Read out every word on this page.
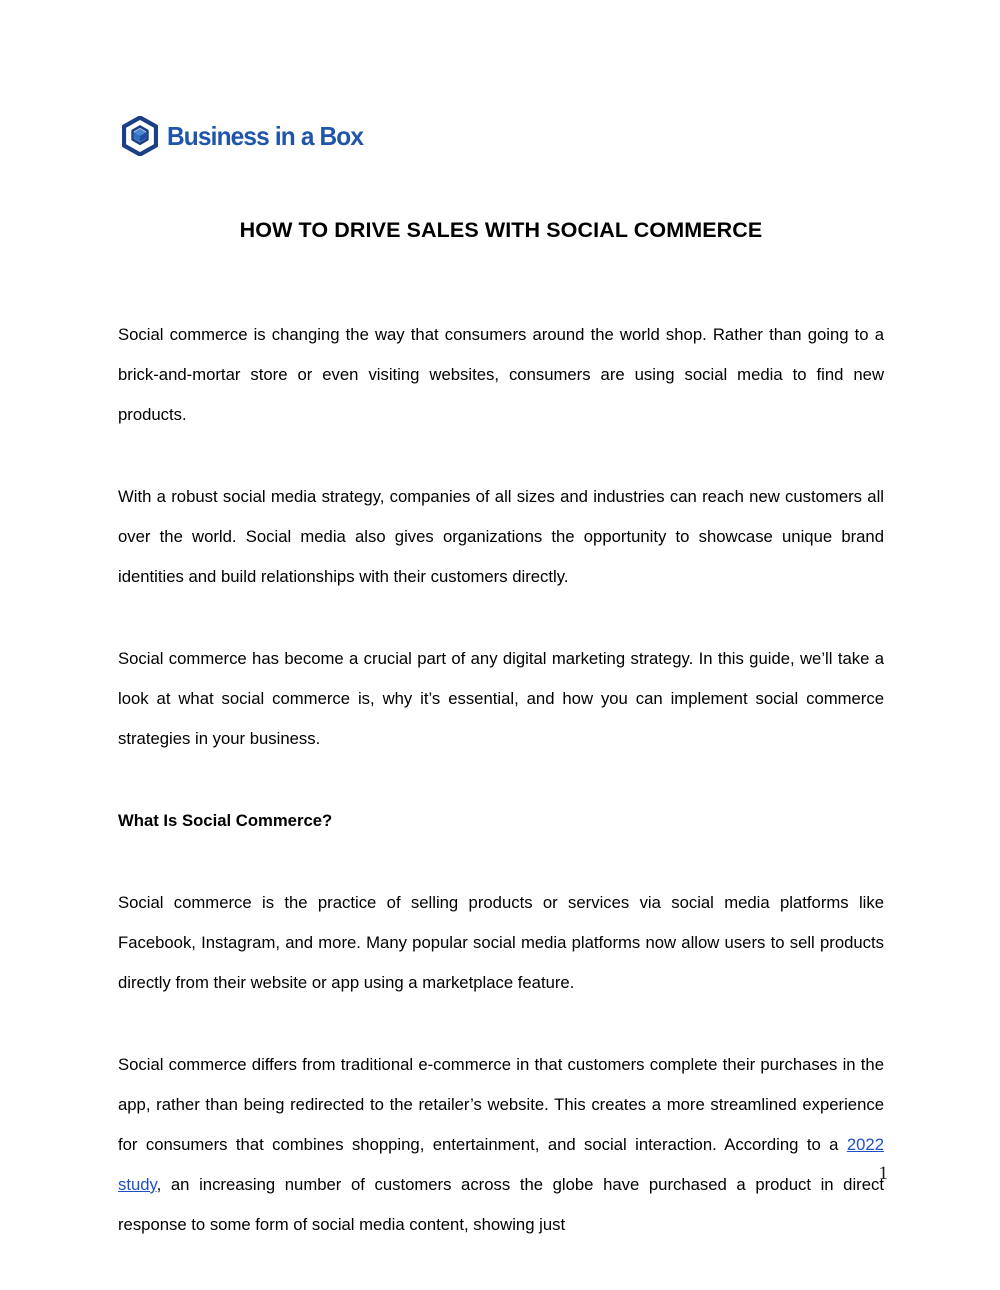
Business in a Box
HOW TO DRIVE SALES WITH SOCIAL COMMERCE

Social commerce is changing the way that consumers around the world shop. Rather than going to a brick-and-mortar store or even visiting websites, consumers are using social media to find new products.

With a robust social media strategy, companies of all sizes and industries can reach new customers all over the world. Social media also gives organizations the opportunity to showcase unique brand identities and build relationships with their customers directly.

Social commerce has become a crucial part of any digital marketing strategy. In this guide, we’ll take a look at what social commerce is, why it’s essential, and how you can implement social commerce strategies in your business.

What Is Social Commerce?

Social commerce is the practice of selling products or services via social media platforms like Facebook, Instagram, and more. Many popular social media platforms now allow users to sell products directly from their website or app using a marketplace feature.

Social commerce differs from traditional e-commerce in that customers complete their purchases in the app, rather than being redirected to the retailer’s website. This creates a more streamlined experience for consumers that combines shopping, entertainment, and social interaction. According to a 2022 study, an increasing number of customers across the globe have purchased a product in direct response to some form of social media content, showing just

1
